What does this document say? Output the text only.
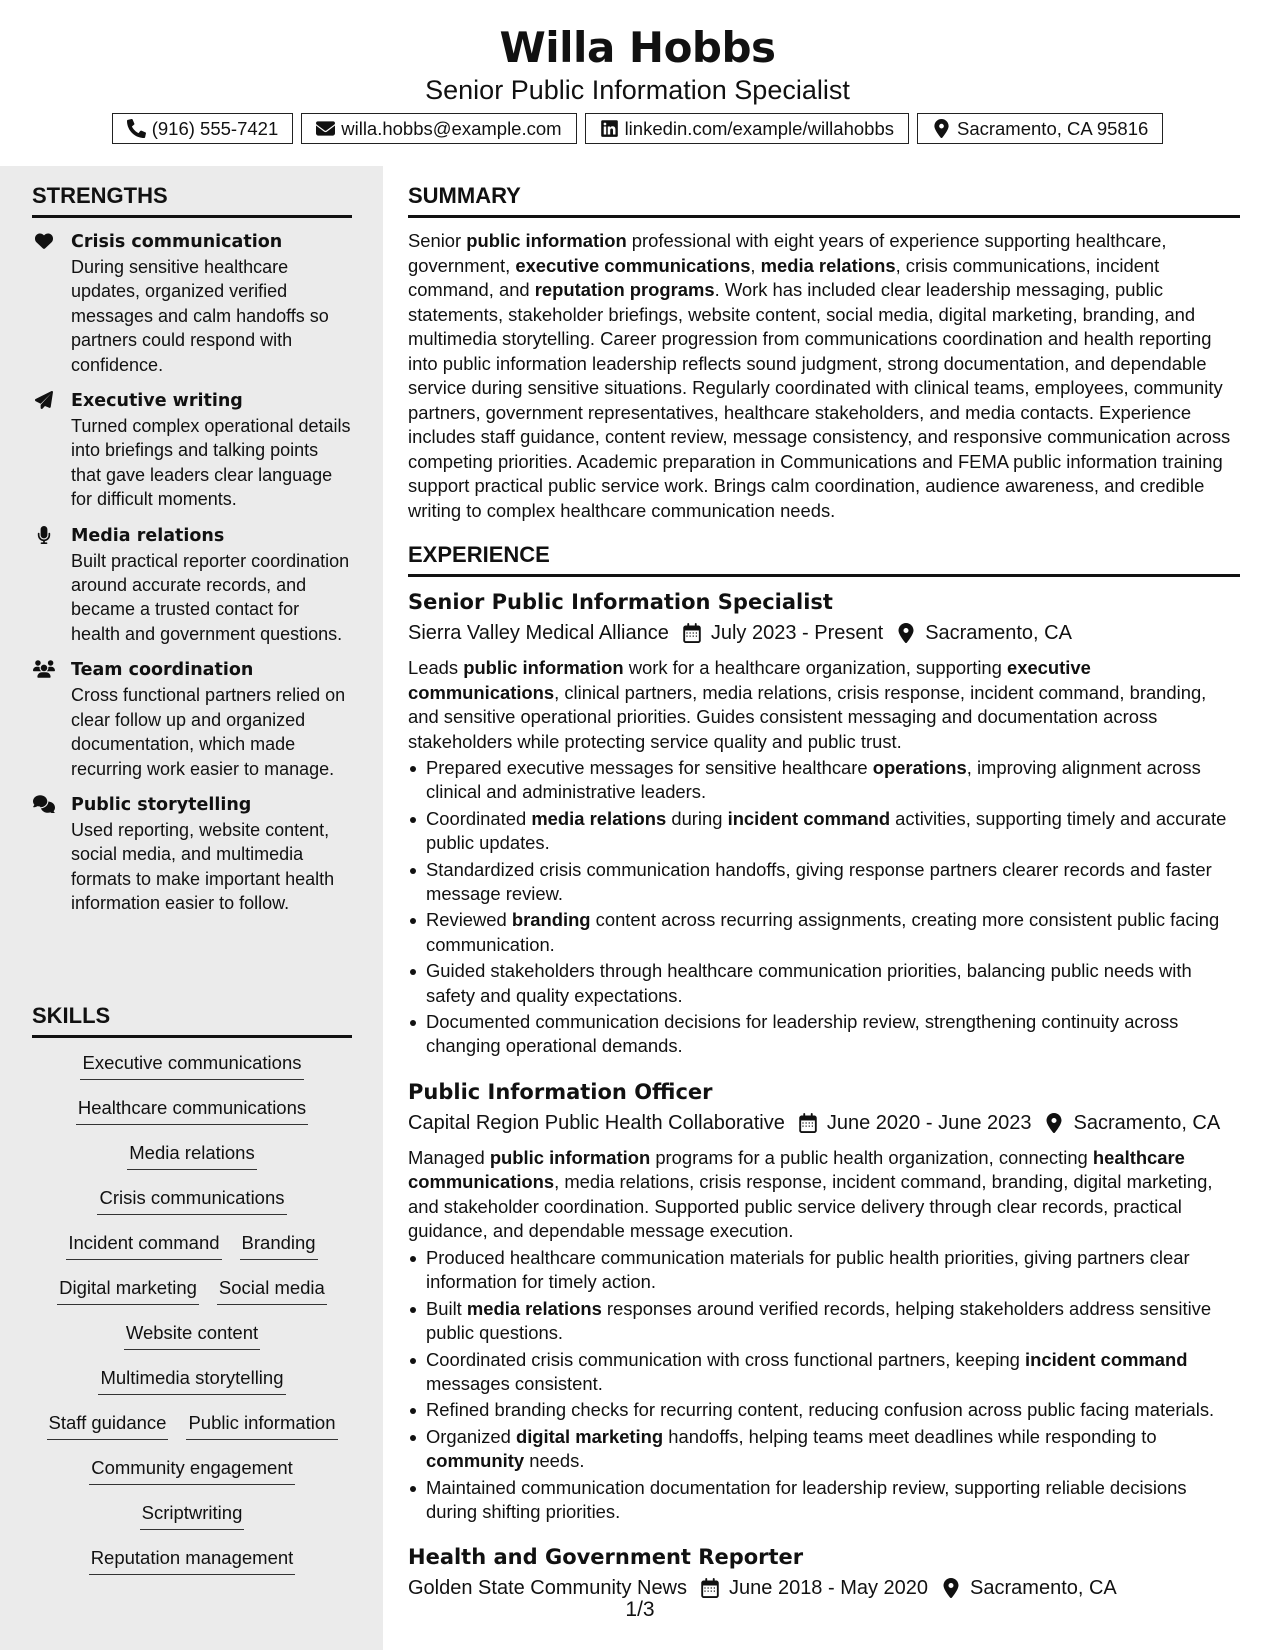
Willa Hobbs
Senior Public Information Specialist
(916) 555-7421	willa.hobbs@example.com	linkedin.com/example/willahobbs	Sacramento, CA 95816
STRENGTHS
Crisis communication
During sensitive healthcare updates, organized verified messages and calm handoffs so partners could respond with confidence.
Executive writing
Turned complex operational details into briefings and talking points that gave leaders clear language for difficult moments.
Media relations
Built practical reporter coordination around accurate records, and became a trusted contact for health and government questions.
Team coordination
Cross functional partners relied on clear follow up and organized documentation, which made recurring work easier to manage.
Public storytelling
Used reporting, website content, social media, and multimedia formats to make important health information easier to follow.
SKILLS
Executive communications
Healthcare communications
Media relations
Crisis communications
Incident command Branding
Digital marketing Social media
Website content
Multimedia storytelling
Staff guidance Public information
Community engagement
Scriptwriting
Reputation management
SUMMARY
Senior public information professional with eight years of experience supporting healthcare, government, executive communications, media relations, crisis communications, incident command, and reputation programs. Work has included clear leadership messaging, public statements, stakeholder briefings, website content, social media, digital marketing, branding, and multimedia storytelling. Career progression from communications coordination and health reporting into public information leadership reflects sound judgment, strong documentation, and dependable service during sensitive situations. Regularly coordinated with clinical teams, employees, community partners, government representatives, healthcare stakeholders, and media contacts. Experience includes staff guidance, content review, message consistency, and responsive communication across competing priorities. Academic preparation in Communications and FEMA public information training support practical public service work. Brings calm coordination, audience awareness, and credible writing to complex healthcare communication needs.
EXPERIENCE
Senior Public Information Specialist
Sierra Valley Medical Alliance July 2023 - Present Sacramento, CA
Leads public information work for a healthcare organization, supporting executive communications, clinical partners, media relations, crisis response, incident command, branding, and sensitive operational priorities. Guides consistent messaging and documentation across stakeholders while protecting service quality and public trust.
Prepared executive messages for sensitive healthcare operations, improving alignment across clinical and administrative leaders.
Coordinated media relations during incident command activities, supporting timely and accurate public updates.
Standardized crisis communication handoffs, giving response partners clearer records and faster message review.
Reviewed branding content across recurring assignments, creating more consistent public facing communication.
Guided stakeholders through healthcare communication priorities, balancing public needs with safety and quality expectations.
Documented communication decisions for leadership review, strengthening continuity across changing operational demands.
Public Information Officer
Capital Region Public Health Collaborative June 2020 - June 2023 Sacramento, CA
Managed public information programs for a public health organization, connecting healthcare communications, media relations, crisis response, incident command, branding, digital marketing, and stakeholder coordination. Supported public service delivery through clear records, practical guidance, and dependable message execution.
Produced healthcare communication materials for public health priorities, giving partners clear information for timely action.
Built media relations responses around verified records, helping stakeholders address sensitive public questions.
Coordinated crisis communication with cross functional partners, keeping incident command messages consistent.
Refined branding checks for recurring content, reducing confusion across public facing materials.
Organized digital marketing handoffs, helping teams meet deadlines while responding to community needs.
Maintained communication documentation for leadership review, supporting reliable decisions during shifting priorities.
Health and Government Reporter
Golden State Community News June 2018 - May 2020 Sacramento, CA
1/3
